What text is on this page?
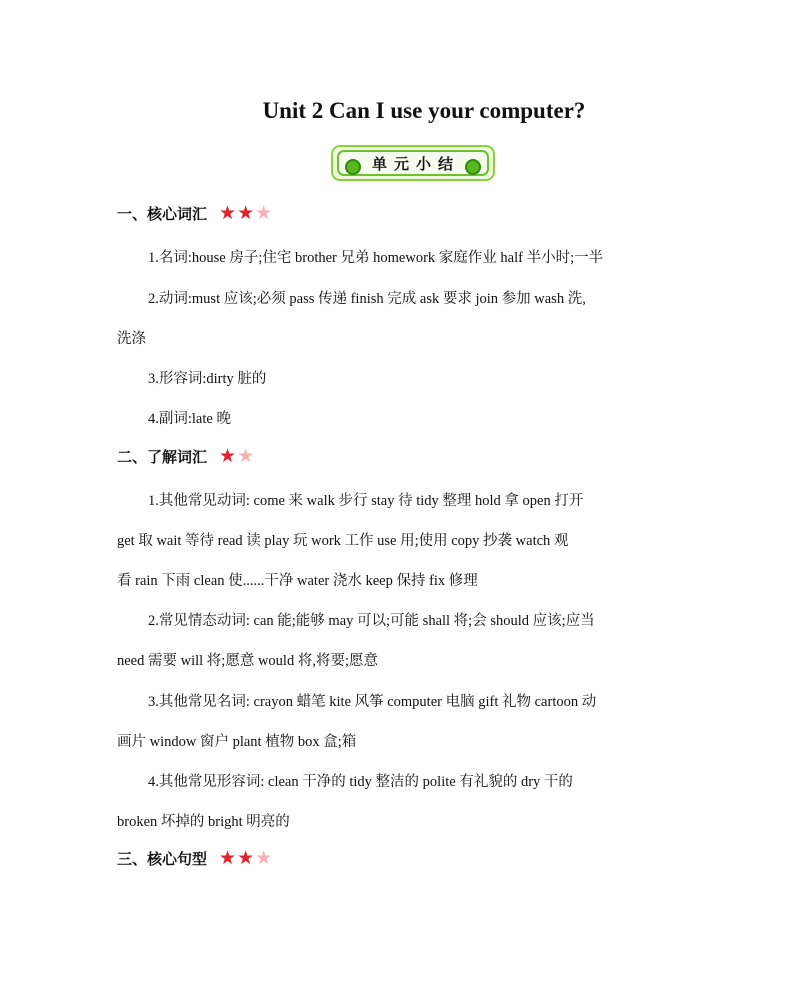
Unit 2 Can I use your computer?
单元小结
一、核心词汇 ★ ★ ★
1.名词:house 房子;住宅 brother 兄弟 homework 家庭作业 half 半小时;一半
2.动词:must 应该;必须 pass 传递 finish 完成 ask 要求 join 参加 wash 洗,
洗涤
3.形容词:dirty 脏的
4.副词:late 晚
二、了解词汇 ★ ★
1.其他常见动词: come 来 walk 步行 stay 待 tidy 整理 hold 拿 open 打开
get 取 wait 等待 read 读 play 玩 work 工作 use 用;使用 copy 抄袭 watch 观
看 rain 下雨 clean 使......干净 water 浇水 keep 保持 fix 修理
2.常见情态动词: can 能;能够 may 可以;可能 shall 将;会 should 应该;应当
need 需要 will 将;愿意 would 将,将要;愿意
3.其他常见名词: crayon 蜡笔 kite 风筝 computer 电脑 gift 礼物 cartoon 动
画片 window 窗户 plant 植物 box 盒;箱
4.其他常见形容词: clean 干净的 tidy 整洁的 polite 有礼貌的 dry 干的
broken 坏掉的 bright 明亮的
三、核心句型 ★ ★ ★
